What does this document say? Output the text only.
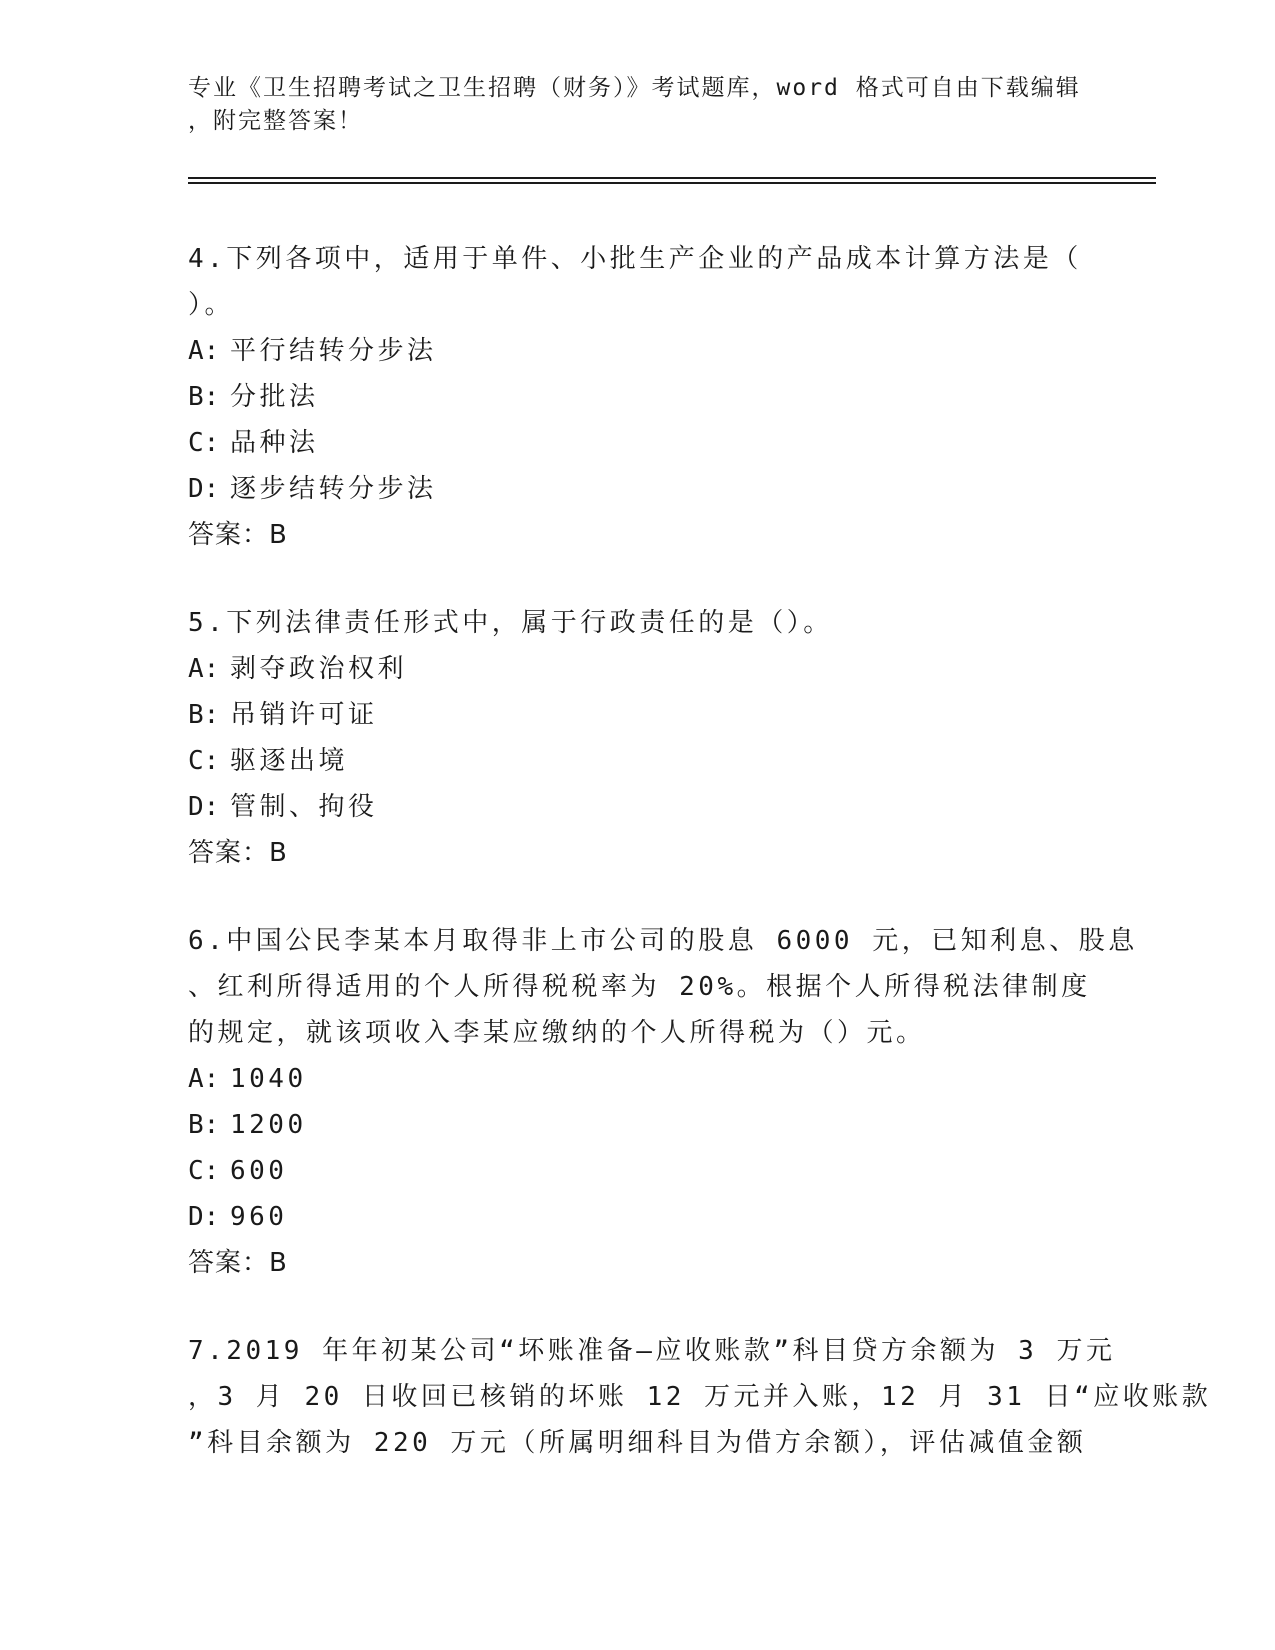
专业《卫生招聘考试之卫生招聘（财务）》考试题库，word 格式可自由下载编辑
，附完整答案！
4.下列各项中，适用于单件、小批生产企业的产品成本计算方法是（
）。
A: 平行结转分步法
B: 分批法
C: 品种法
D: 逐步结转分步法
答案：B
5.下列法律责任形式中，属于行政责任的是（）。
A: 剥夺政治权利
B: 吊销许可证
C: 驱逐出境
D: 管制、拘役
答案：B
6.中国公民李某本月取得非上市公司的股息 6000 元，已知利息、股息
、红利所得适用的个人所得税税率为 20%。根据个人所得税法律制度
的规定，就该项收入李某应缴纳的个人所得税为（）元。
A: 1040
B: 1200
C: 600
D: 960
答案：B
7.2019 年年初某公司“坏账准备—应收账款”科目贷方余额为 3 万元
，3 月 20 日收回已核销的坏账 12 万元并入账，12 月 31 日“应收账款
”科目余额为 220 万元（所属明细科目为借方余额），评估减值金额
